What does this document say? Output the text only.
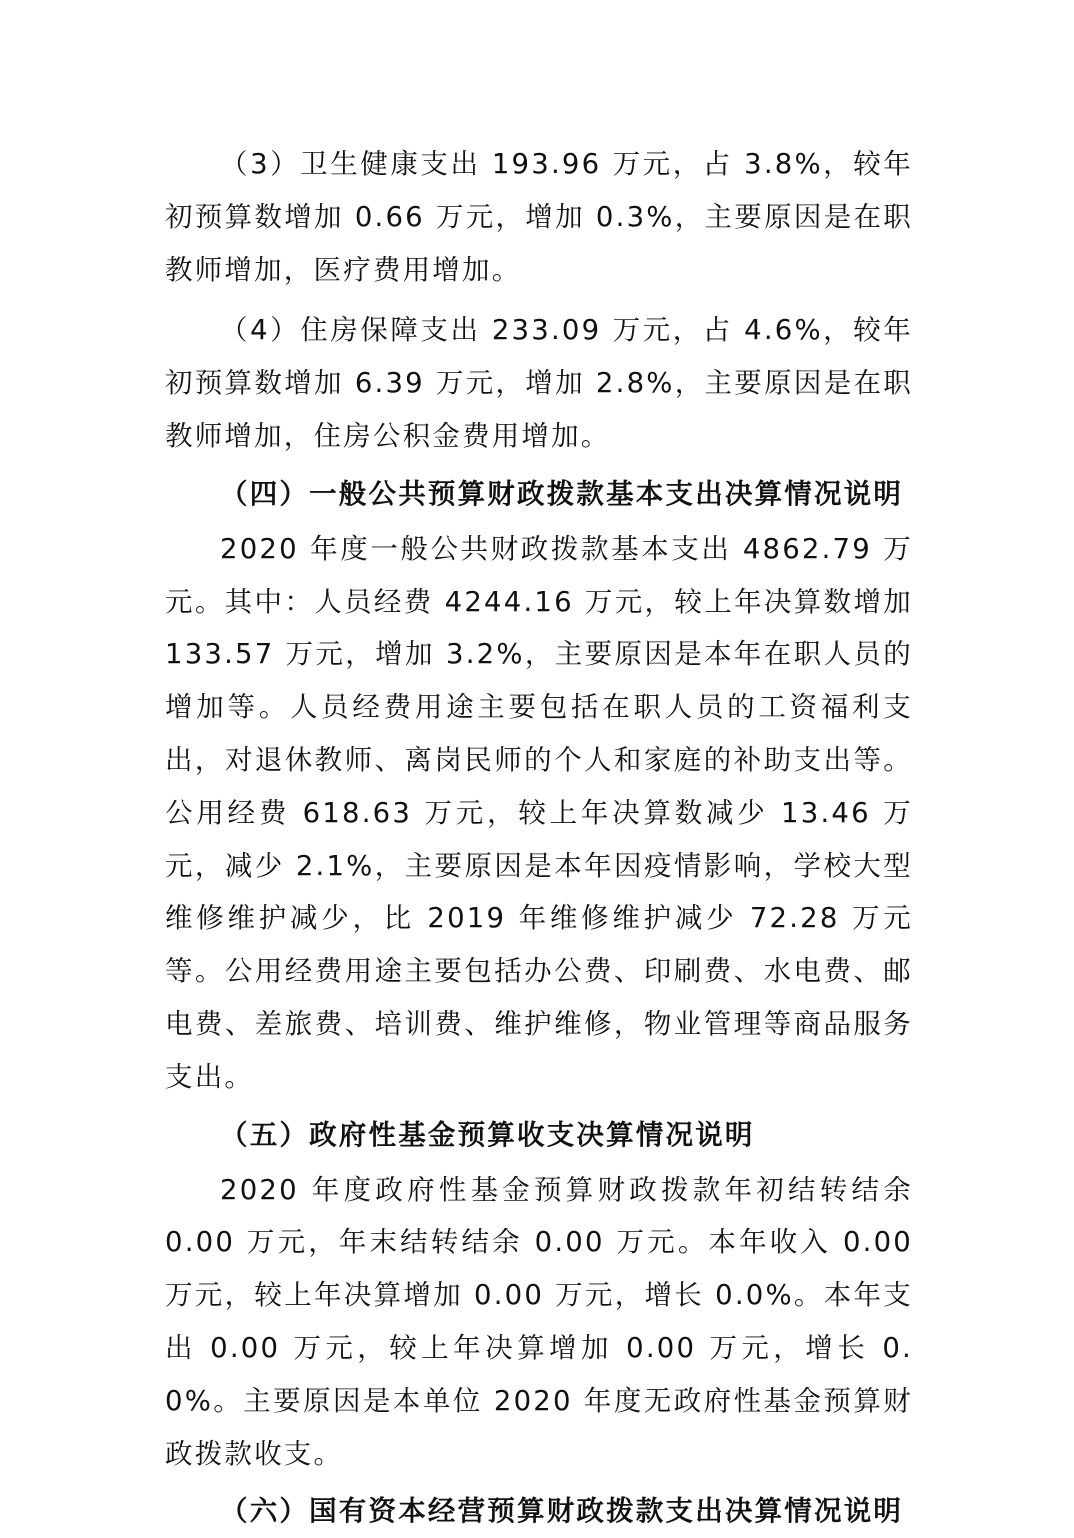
（3）卫生健康支出 193.96 万元，占 3.8%，较年初预算数增加 0.66 万元，增加 0.3%，主要原因是在职教师增加，医疗费用增加。

（4）住房保障支出 233.09 万元，占 4.6%，较年初预算数增加 6.39 万元，增加 2.8%，主要原因是在职教师增加，住房公积金费用增加。

（四）一般公共预算财政拨款基本支出决算情况说明

2020 年度一般公共财政拨款基本支出 4862.79 万元。其中：人员经费 4244.16 万元，较上年决算数增加 133.57 万元，增加 3.2%，主要原因是本年在职人员的增加等。人员经费用途主要包括在职人员的工资福利支出，对退休教师、离岗民师的个人和家庭的补助支出等。公用经费 618.63 万元，较上年决算数减少 13.46 万元，减少 2.1%，主要原因是本年因疫情影响，学校大型维修维护减少，比 2019 年维修维护减少 72.28 万元等。公用经费用途主要包括办公费、印刷费、水电费、邮电费、差旅费、培训费、维护维修，物业管理等商品服务支出。

（五）政府性基金预算收支决算情况说明

2020 年度政府性基金预算财政拨款年初结转结余 0.00 万元，年末结转结余 0.00 万元。本年收入 0.00 万元，较上年决算增加 0.00 万元，增长 0.0%。本年支出 0.00 万元，较上年决算增加 0.00 万元，增长 0.0%。主要原因是本单位 2020 年度无政府性基金预算财政拨款收支。

（六）国有资本经营预算财政拨款支出决算情况说明
